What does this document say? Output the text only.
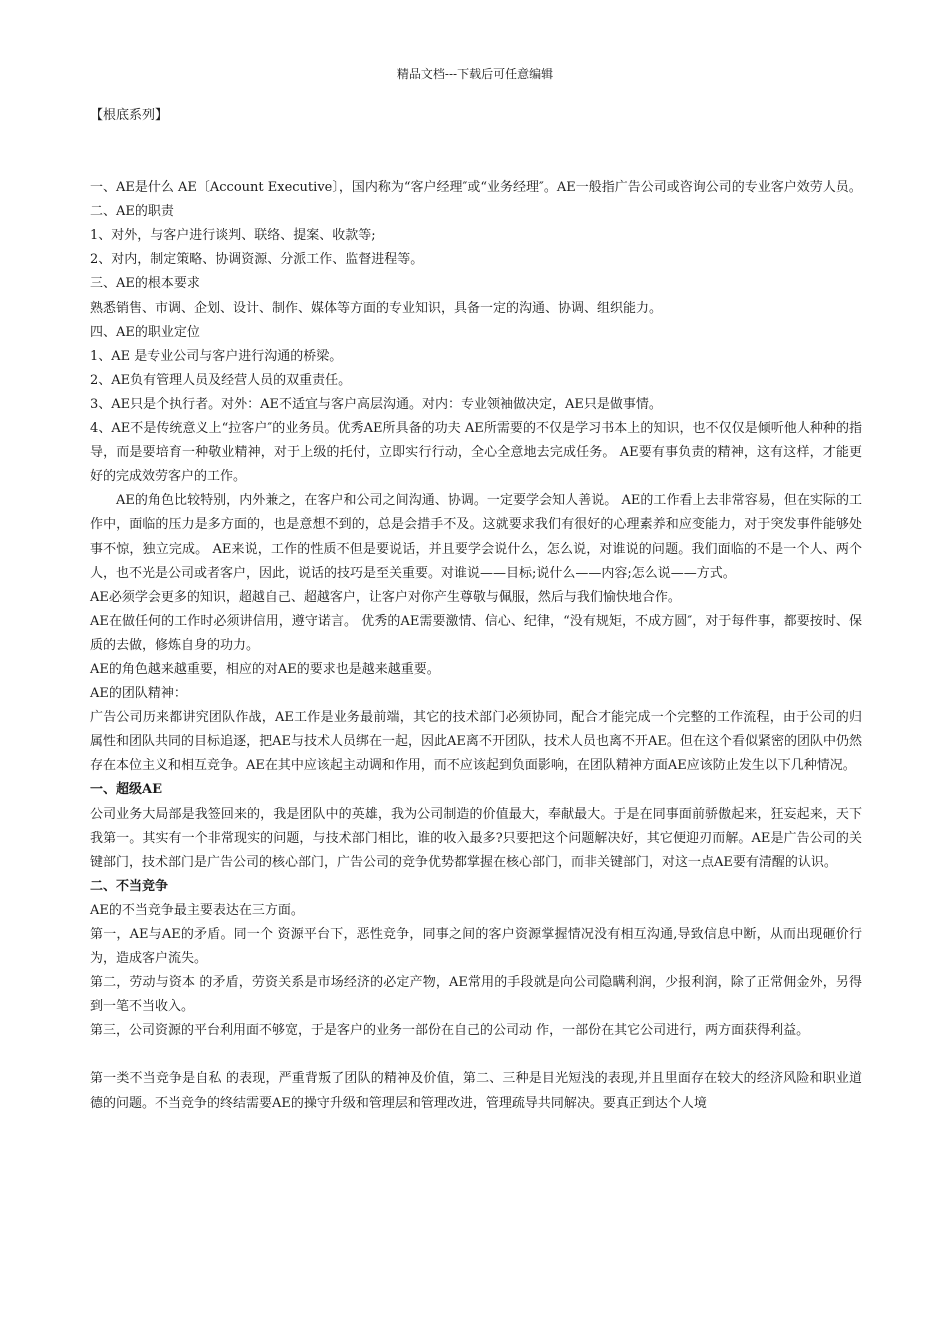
精品文档---下载后可任意编辑

【根底系列】

一、AE是什么 AE〔Account Executive〕，国内称为“客户经理″或“业务经理″。AE一般指广告公司或咨询公司的专业客户效劳人员。

二、AE的职责

1、对外，与客户进行谈判、联络、提案、收款等;

2、对内，制定策略、协调资源、分派工作、监督进程等。

三、AE的根本要求

熟悉销售、市调、企划、设计、制作、媒体等方面的专业知识，具备一定的沟通、协调、组织能力。

四、AE的职业定位

1、AE 是专业公司与客户进行沟通的桥梁。

2、AE负有管理人员及经营人员的双重责任。

3、AE只是个执行者。对外：AE不适宜与客户高层沟通。对内：专业领袖做决定，AE只是做事情。

4、AE不是传统意义上“拉客户″的业务员。优秀AE所具备的功夫 AE所需要的不仅是学习书本上的知识，也不仅仅是倾听他人种种的指导，而是要培育一种敬业精神，对于上级的托付，立即实行行动，全心全意地去完成任务。 AE要有事负责的精神，这有这样，才能更好的完成效劳客户的工作。

AE的角色比较特别，内外兼之，在客户和公司之间沟通、协调。一定要学会知人善说。 AE的工作看上去非常容易，但在实际的工作中，面临的压力是多方面的，也是意想不到的，总是会措手不及。这就要求我们有很好的心理素养和应变能力，对于突发事件能够处事不惊，独立完成。 AE来说，工作的性质不但是要说话，并且要学会说什么，怎么说，对谁说的问题。我们面临的不是一个人、两个人，也不光是公司或者客户，因此，说话的技巧是至关重要。对谁说——目标;说什么——内容;怎么说——方式。

AE必须学会更多的知识，超越自己、超越客户，让客户对你产生尊敬与佩服，然后与我们愉快地合作。

AE在做任何的工作时必须讲信用，遵守诺言。 优秀的AE需要激情、信心、纪律，“没有规矩，不成方圆″，对于每件事，都要按时、保质的去做，修炼自身的功力。

AE的角色越来越重要，相应的对AE的要求也是越来越重要。

AE的团队精神：

广告公司历来都讲究团队作战，AE工作是业务最前端，其它的技术部门必须协同，配合才能完成一个完整的工作流程，由于公司的归属性和团队共同的目标追逐，把AE与技术人员绑在一起，因此AE离不开团队，技术人员也离不开AE。但在这个看似紧密的团队中仍然存在本位主义和相互竞争。AE在其中应该起主动调和作用，而不应该起到负面影响，在团队精神方面AE应该防止发生以下几种情况。

一、超级AE

公司业务大局部是我签回来的，我是团队中的英雄，我为公司制造的价值最大，奉献最大。于是在同事面前骄傲起来，狂妄起来，天下我第一。其实有一个非常现实的问题，与技术部门相比，谁的收入最多?只要把这个问题解决好，其它便迎刃而解。AE是广告公司的关键部门，技术部门是广告公司的核心部门，广告公司的竞争优势都掌握在核心部门，而非关键部门，对这一点AE要有清醒的认识。

二、不当竞争

AE的不当竞争最主要表达在三方面。

第一，AE与AE的矛盾。同一个 资源平台下，恶性竞争，同事之间的客户资源掌握情况没有相互沟通,导致信息中断，从而出现砸价行为，造成客户流失。

第二，劳动与资本 的矛盾，劳资关系是市场经济的必定产物，AE常用的手段就是向公司隐瞒利润，少报利润，除了正常佣金外，另得到一笔不当收入。

第三，公司资源的平台利用面不够宽，于是客户的业务一部份在自己的公司动 作，一部份在其它公司进行，两方面获得利益。

第一类不当竞争是自私 的表现，严重背叛了团队的精神及价值，第二、三种是目光短浅的表现,并且里面存在较大的经济风险和职业道德的问题。不当竞争的终结需要AE的操守升级和管理层和管理改进，管理疏导共同解决。要真正到达个人境
